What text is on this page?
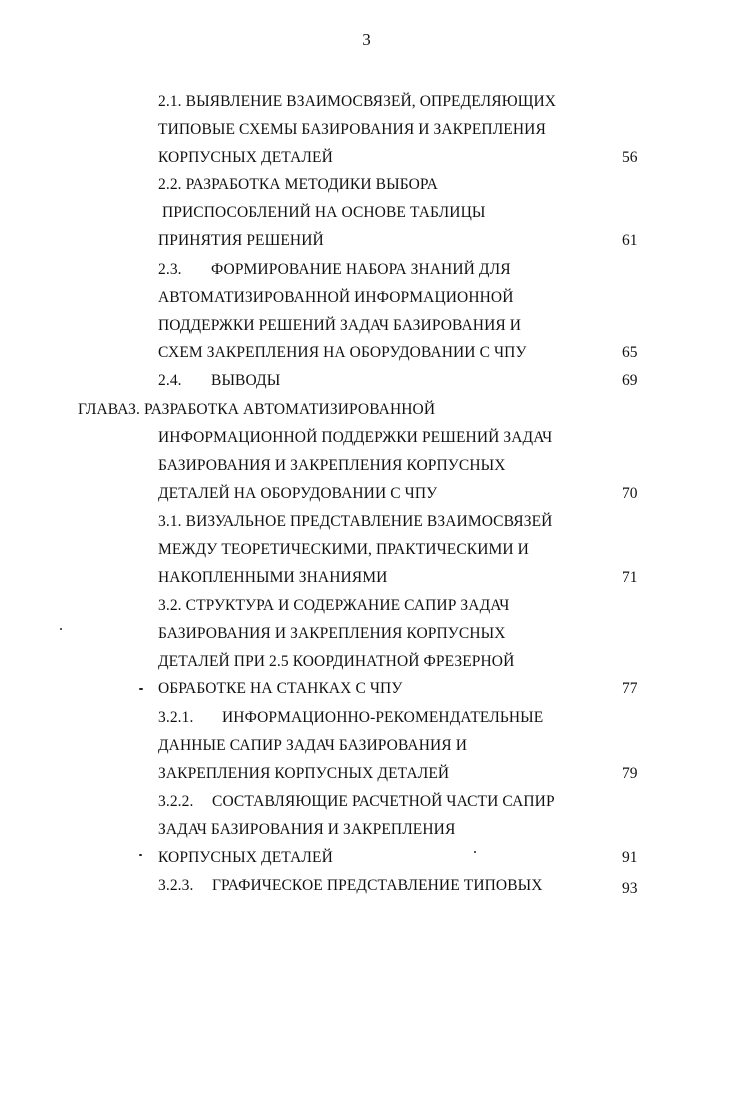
3
2.1. ВЫЯВЛЕНИЕ ВЗАИМОСВЯЗЕЙ, ОПРЕДЕЛЯЮЩИХ
ТИПОВЫЕ СХЕМЫ БАЗИРОВАНИЯ И ЗАКРЕПЛЕНИЯ
КОРПУСНЫХ ДЕТАЛЕЙ	56
2.2. РАЗРАБОТКА МЕТОДИКИ ВЫБОРА
ПРИСПОСОБЛЕНИЙ НА ОСНОВЕ ТАБЛИЦЫ
ПРИНЯТИЯ РЕШЕНИЙ	61
2.3. ФОРМИРОВАНИЕ НАБОРА ЗНАНИЙ ДЛЯ
АВТОМАТИЗИРОВАННОЙ ИНФОРМАЦИОННОЙ
ПОДДЕРЖКИ РЕШЕНИЙ ЗАДАЧ БАЗИРОВАНИЯ И
СХЕМ ЗАКРЕПЛЕНИЯ НА ОБОРУДОВАНИИ С ЧПУ	65
2.4. ВЫВОДЫ	69
ГЛАВАЗ. РАЗРАБОТКА АВТОМАТИЗИРОВАННОЙ
ИНФОРМАЦИОННОЙ ПОДДЕРЖКИ РЕШЕНИЙ ЗАДАЧ
БАЗИРОВАНИЯ И ЗАКРЕПЛЕНИЯ КОРПУСНЫХ
ДЕТАЛЕЙ НА ОБОРУДОВАНИИ С ЧПУ	70
3.1. ВИЗУАЛЬНОЕ ПРЕДСТАВЛЕНИЕ ВЗАИМОСВЯЗЕЙ
МЕЖДУ ТЕОРЕТИЧЕСКИМИ, ПРАКТИЧЕСКИМИ И
НАКОПЛЕННЫМИ ЗНАНИЯМИ	71
3.2. СТРУКТУРА И СОДЕРЖАНИЕ САПИР ЗАДАЧ
БАЗИРОВАНИЯ И ЗАКРЕПЛЕНИЯ КОРПУСНЫХ
ДЕТАЛЕЙ ПРИ 2.5 КООРДИНАТНОЙ ФРЕЗЕРНОЙ
ОБРАБОТКЕ НА СТАНКАХ С ЧПУ	77
3.2.1. ИНФОРМАЦИОННО-РЕКОМЕНДАТЕЛЬНЫЕ
ДАННЫЕ САПИР ЗАДАЧ БАЗИРОВАНИЯ И
ЗАКРЕПЛЕНИЯ КОРПУСНЫХ ДЕТАЛЕЙ	79
3.2.2. СОСТАВЛЯЮЩИЕ РАСЧЕТНОЙ ЧАСТИ САПИР
ЗАДАЧ БАЗИРОВАНИЯ И ЗАКРЕПЛЕНИЯ
КОРПУСНЫХ ДЕТАЛЕЙ	91
3.2.3. ГРАФИЧЕСКОЕ ПРЕДСТАВЛЕНИЕ ТИПОВЫХ	93
